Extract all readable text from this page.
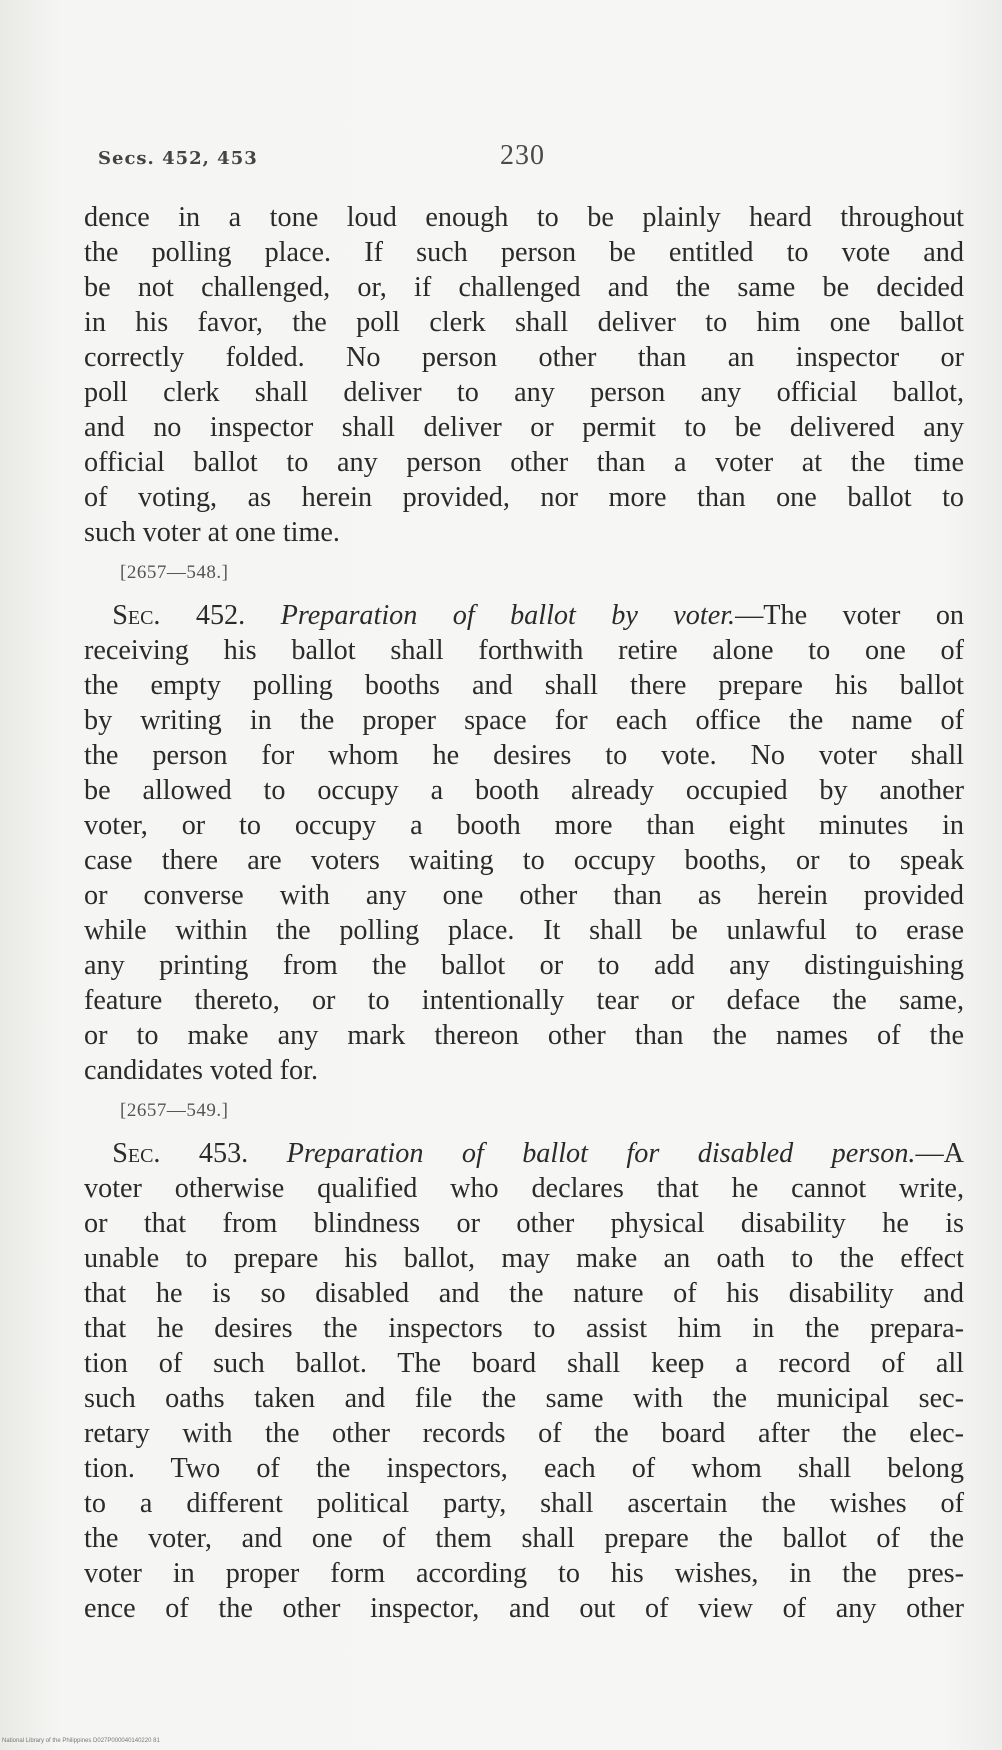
Secs. 452, 453	230

dence in a tone loud enough to be plainly heard throughout
the polling place. If such person be entitled to vote and
be not challenged, or, if challenged and the same be decided
in his favor, the poll clerk shall deliver to him one ballot
correctly folded. No person other than an inspector or
poll clerk shall deliver to any person any official ballot,
and no inspector shall deliver or permit to be delivered any
official ballot to any person other than a voter at the time
of voting, as herein provided, nor more than one ballot to
such voter at one time.

[2657—548.]

 Sec. 452. Preparation of ballot by voter.—The voter on
receiving his ballot shall forthwith retire alone to one of
the empty polling booths and shall there prepare his ballot
by writing in the proper space for each office the name of
the person for whom he desires to vote. No voter shall
be allowed to occupy a booth already occupied by another
voter, or to occupy a booth more than eight minutes in
case there are voters waiting to occupy booths, or to speak
or converse with any one other than as herein provided
while within the polling place. It shall be unlawful to erase
any printing from the ballot or to add any distinguishing
feature thereto, or to intentionally tear or deface the same,
or to make any mark thereon other than the names of the
candidates voted for.

[2657—549.]

 Sec. 453. Preparation of ballot for disabled person.—A
voter otherwise qualified who declares that he cannot write,
or that from blindness or other physical disability he is
unable to prepare his ballot, may make an oath to the effect
that he is so disabled and the nature of his disability and
that he desires the inspectors to assist him in the prepara-
tion of such ballot. The board shall keep a record of all
such oaths taken and file the same with the municipal sec-
retary with the other records of the board after the elec-
tion. Two of the inspectors, each of whom shall belong
to a different political party, shall ascertain the wishes of
the voter, and one of them shall prepare the ballot of the
voter in proper form according to his wishes, in the pres-
ence of the other inspector, and out of view of any other

National Library of the Philippines D027P000040140220 81
